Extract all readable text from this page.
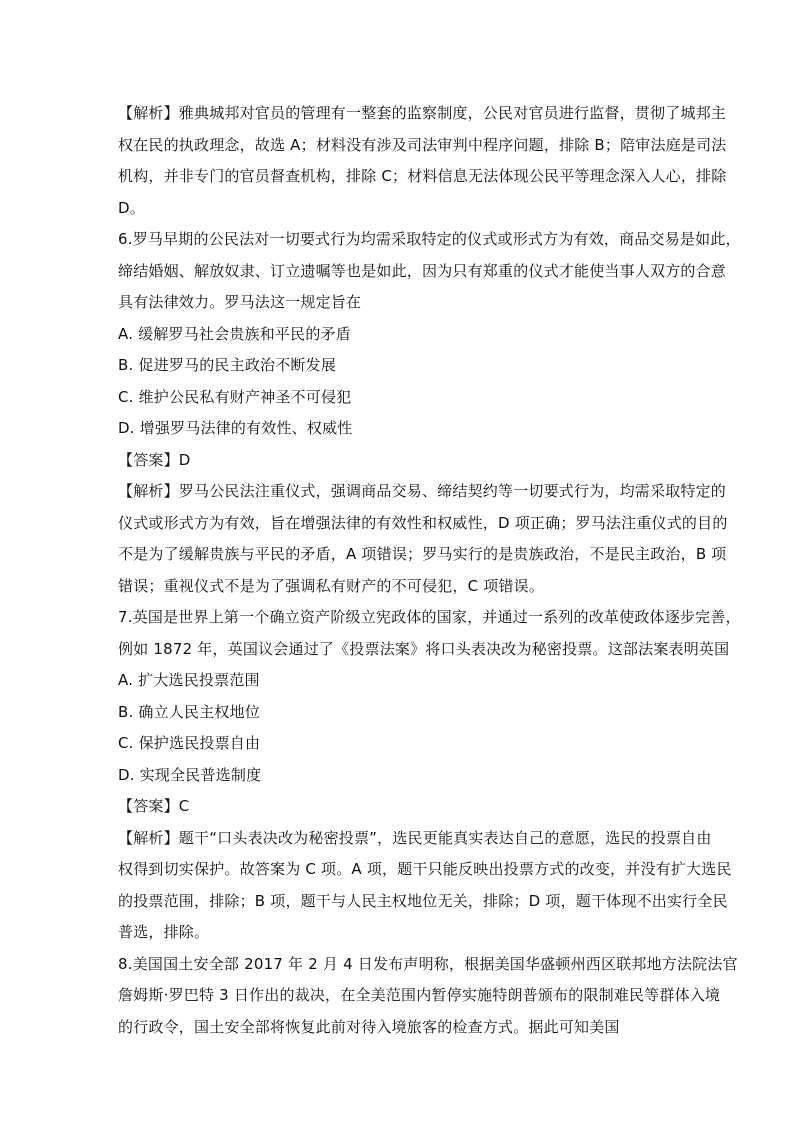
【解析】雅典城邦对官员的管理有一整套的监察制度，公民对官员进行监督，贯彻了城邦主
权在民的执政理念，故选 A；材料没有涉及司法审判中程序问题，排除 B；陪审法庭是司法
机构，并非专门的官员督查机构，排除 C；材料信息无法体现公民平等理念深入人心，排除
D。
6.罗马早期的公民法对一切要式行为均需采取特定的仪式或形式方为有效，商品交易是如此，
缔结婚姻、解放奴隶、订立遗嘱等也是如此，因为只有郑重的仪式才能使当事人双方的合意
具有法律效力。罗马法这一规定旨在
A. 缓解罗马社会贵族和平民的矛盾
B. 促进罗马的民主政治不断发展
C. 维护公民私有财产神圣不可侵犯
D. 增强罗马法律的有效性、权威性
【答案】D
【解析】罗马公民法注重仪式，强调商品交易、缔结契约等一切要式行为，均需采取特定的
仪式或形式方为有效，旨在增强法律的有效性和权威性，D 项正确；罗马法注重仪式的目的
不是为了缓解贵族与平民的矛盾，A 项错误；罗马实行的是贵族政治，不是民主政治，B 项
错误；重视仪式不是为了强调私有财产的不可侵犯，C 项错误。
7.英国是世界上第一个确立资产阶级立宪政体的国家，并通过一系列的改革使政体逐步完善，
例如 1872 年，英国议会通过了《投票法案》将口头表决改为秘密投票。这部法案表明英国
A. 扩大选民投票范围
B. 确立人民主权地位
C. 保护选民投票自由
D. 实现全民普选制度
【答案】C
【解析】题干“口头表决改为秘密投票”，选民更能真实表达自己的意愿，选民的投票自由
权得到切实保护。故答案为 C 项。A 项，题干只能反映出投票方式的改变，并没有扩大选民
的投票范围，排除；B 项，题干与人民主权地位无关，排除；D 项，题干体现不出实行全民
普选，排除。
8.美国国土安全部 2017 年 2 月 4 日发布声明称，根据美国华盛顿州西区联邦地方法院法官
詹姆斯·罗巴特 3 日作出的裁决，在全美范围内暂停实施特朗普颁布的限制难民等群体入境
的行政令，国土安全部将恢复此前对待入境旅客的检查方式。据此可知美国
